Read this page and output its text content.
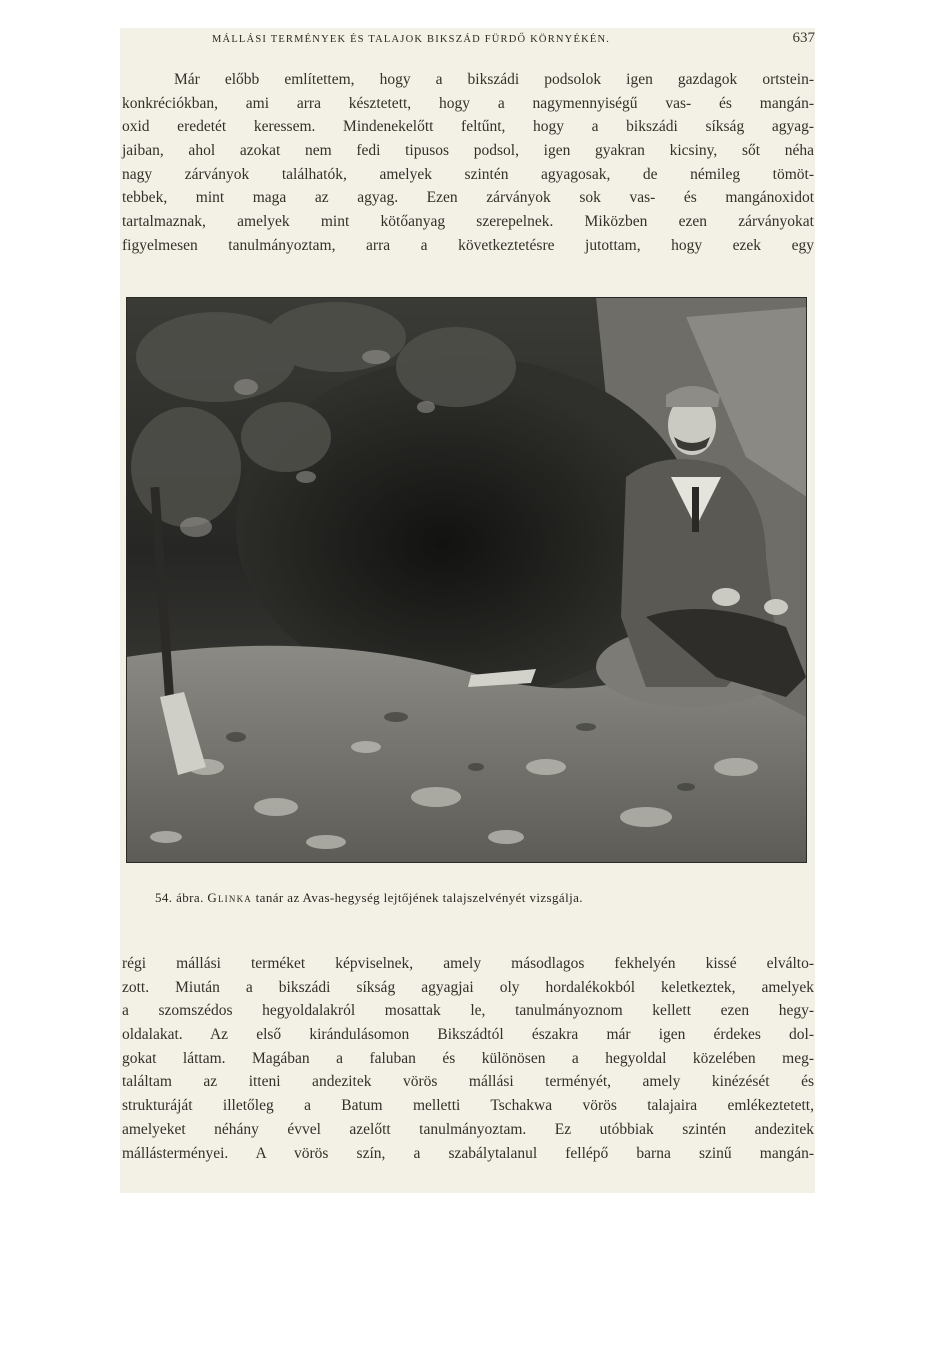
MÁLLÁSI TERMÉNYEK ÉS TALAJOK BIKSZÁD FÜRDŐ KÖRNYÉKÉN.	637
Már előbb említettem, hogy a bikszádi podsolok igen gazdagok ortstein-
konkréciókban, ami arra késztetett, hogy a nagymennyiségű vas- és mangán-
oxid eredetét keressem. Mindenekelőtt feltűnt, hogy a bikszádi síkság agyag-
jaiban, ahol azokat nem fedi tipusos podsol, igen gyakran kicsiny, sőt néha
nagy zárványok találhatók, amelyek szintén agyagosak, de némileg tömöt-
tebbek, mint maga az agyag. Ezen zárványok sok vas- és mangánoxidot
tartalmaznak, amelyek mint kötőanyag szerepelnek. Miközben ezen zárványokat
figyelmesen tanulmányoztam, arra a következtetésre jutottam, hogy ezek egy
54. ábra. Glinka tanár az Avas-hegység lejtőjének talajszelvényét vizsgálja.
régi mállási terméket képviselnek, amely másodlagos fekhelyén kissé elválto-
zott. Miután a bikszádi síkság agyagjai oly hordalékokból keletkeztek, amelyek
a szomszédos hegyoldalakról mosattak le, tanulmányoznom kellett ezen hegy-
oldalakat. Az első kirándulásomon Bikszádtól északra már igen érdekes dol-
gokat láttam. Magában a faluban és különösen a hegyoldal közelében meg-
találtam az itteni andezitek vörös mállási terményét, amely kinézését és
strukturáját illetőleg a Batum melletti Tschakwa vörös talajaira emlékeztetett,
amelyeket néhány évvel azelőtt tanulmányoztam. Ez utóbbiak szintén andezitek
mállásterményei. A vörös szín, a szabálytalanul fellépő barna szinű mangán-
